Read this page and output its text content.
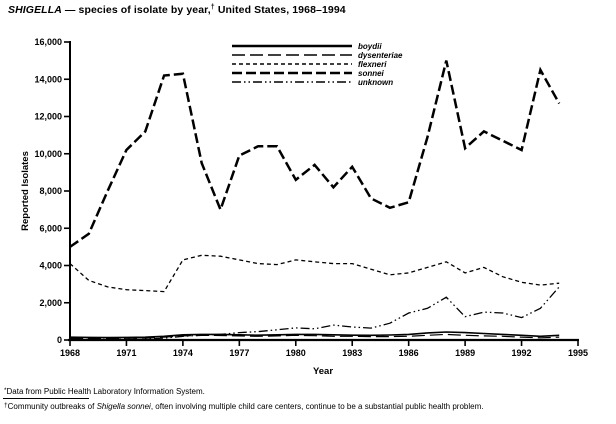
SHIGELLA — species of isolate by year,† United States, 1968–1994
Reported Isolates
Year
0
2,000
4,000
6,000
8,000
10,000
12,000
14,000
16,000
1968	1971	1974	1977	1980	1983	1986	1989	1992	1995
boydii
dysenteriae
flexneri
sonnei
unknown
*Data from Public Health Laboratory Information System.
†Community outbreaks of Shigella sonnei, often involving multiple child care centers, continue to be a substantial public health problem.
